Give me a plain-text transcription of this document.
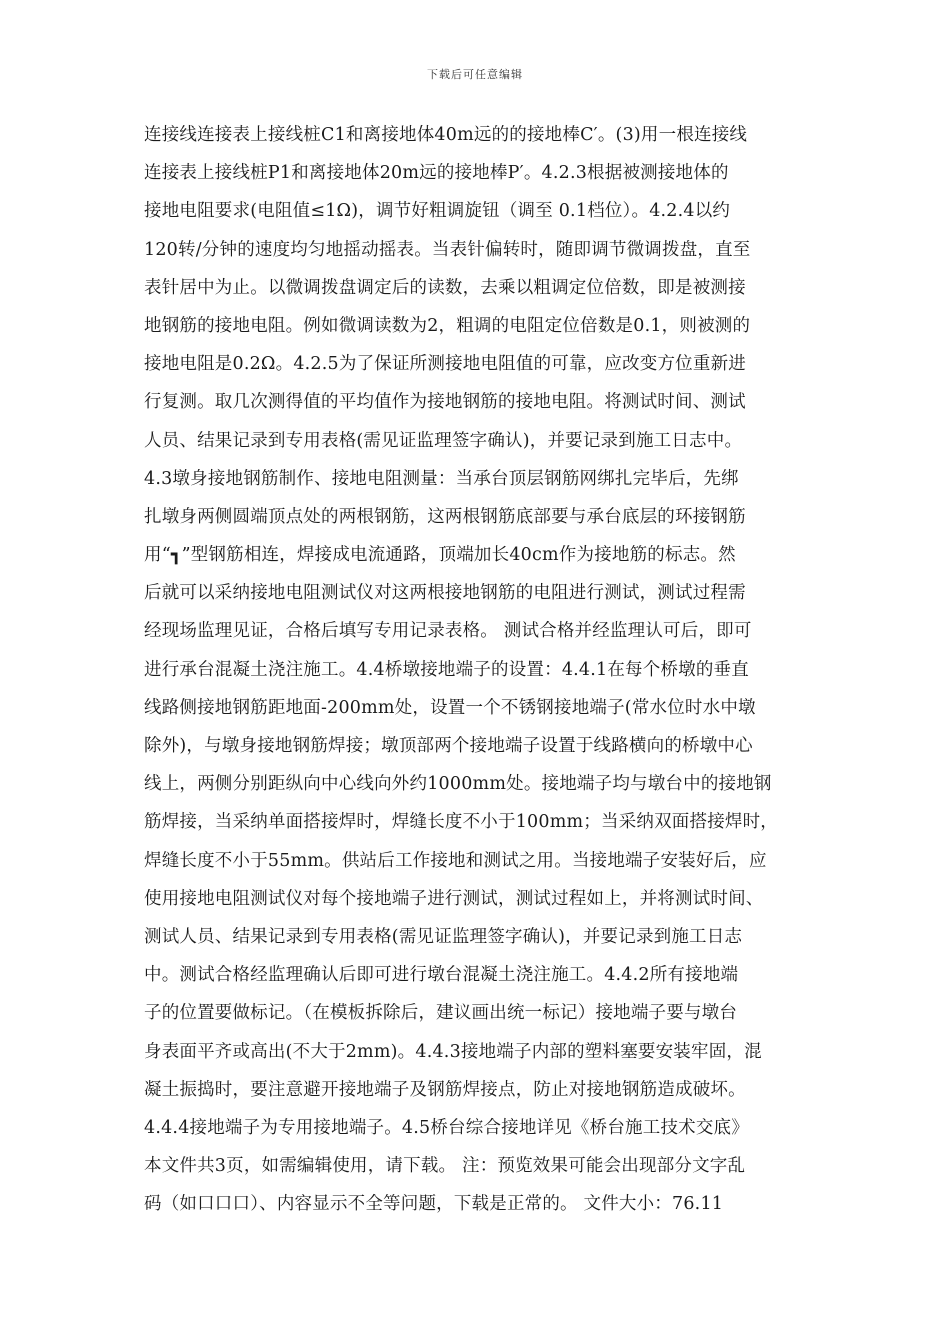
下载后可任意编辑
连接线连接表上接线桩C1和离接地体40m远的的接地棒C′。(3)用一根连接线
连接表上接线桩P1和离接地体20m远的接地棒P′。4.2.3根据被测接地体的
接地电阻要求(电阻值≤1Ω)，调节好粗调旋钮（调至 0.1档位）。4.2.4以约
120转/分钟的速度均匀地摇动摇表。当表针偏转时，随即调节微调拨盘，直至
表针居中为止。以微调拨盘调定后的读数，去乘以粗调定位倍数，即是被测接
地钢筋的接地电阻。例如微调读数为2，粗调的电阻定位倍数是0.1，则被测的
接地电阻是0.2Ω。4.2.5为了保证所测接地电阻值的可靠，应改变方位重新进
行复测。取几次测得值的平均值作为接地钢筋的接地电阻。将测试时间、测试
人员、结果记录到专用表格(需见证监理签字确认)，并要记录到施工日志中。
4.3墩身接地钢筋制作、接地电阻测量：当承台顶层钢筋网绑扎完毕后，先绑
扎墩身两侧圆端顶点处的两根钢筋，这两根钢筋底部要与承台底层的环接钢筋
用“┓”型钢筋相连，焊接成电流通路，顶端加长40cm作为接地筋的标志。然
后就可以采纳接地电阻测试仪对这两根接地钢筋的电阻进行测试，测试过程需
经现场监理见证，合格后填写专用记录表格。 测试合格并经监理认可后，即可
进行承台混凝土浇注施工。4.4桥墩接地端子的设置：4.4.1在每个桥墩的垂直
线路侧接地钢筋距地面-200mm处，设置一个不锈钢接地端子(常水位时水中墩
除外)，与墩身接地钢筋焊接；墩顶部两个接地端子设置于线路横向的桥墩中心
线上，两侧分别距纵向中心线向外约1000mm处。接地端子均与墩台中的接地钢
筋焊接，当采纳单面搭接焊时，焊缝长度不小于100mm；当采纳双面搭接焊时，
焊缝长度不小于55mm。供站后工作接地和测试之用。当接地端子安装好后，应
使用接地电阻测试仪对每个接地端子进行测试，测试过程如上，并将测试时间、
测试人员、结果记录到专用表格(需见证监理签字确认)，并要记录到施工日志
中。测试合格经监理确认后即可进行墩台混凝土浇注施工。4.4.2所有接地端
子的位置要做标记。（在模板拆除后，建议画出统一标记）接地端子要与墩台
身表面平齐或高出(不大于2mm)。4.4.3接地端子内部的塑料塞要安装牢固，混
凝土振捣时，要注意避开接地端子及钢筋焊接点，防止对接地钢筋造成破坏。
4.4.4接地端子为专用接地端子。4.5桥台综合接地详见《桥台施工技术交底》
本文件共3页，如需编辑使用，请下载。 注：预览效果可能会出现部分文字乱
码（如口口口）、内容显示不全等问题，下载是正常的。 文件大小：76.11
